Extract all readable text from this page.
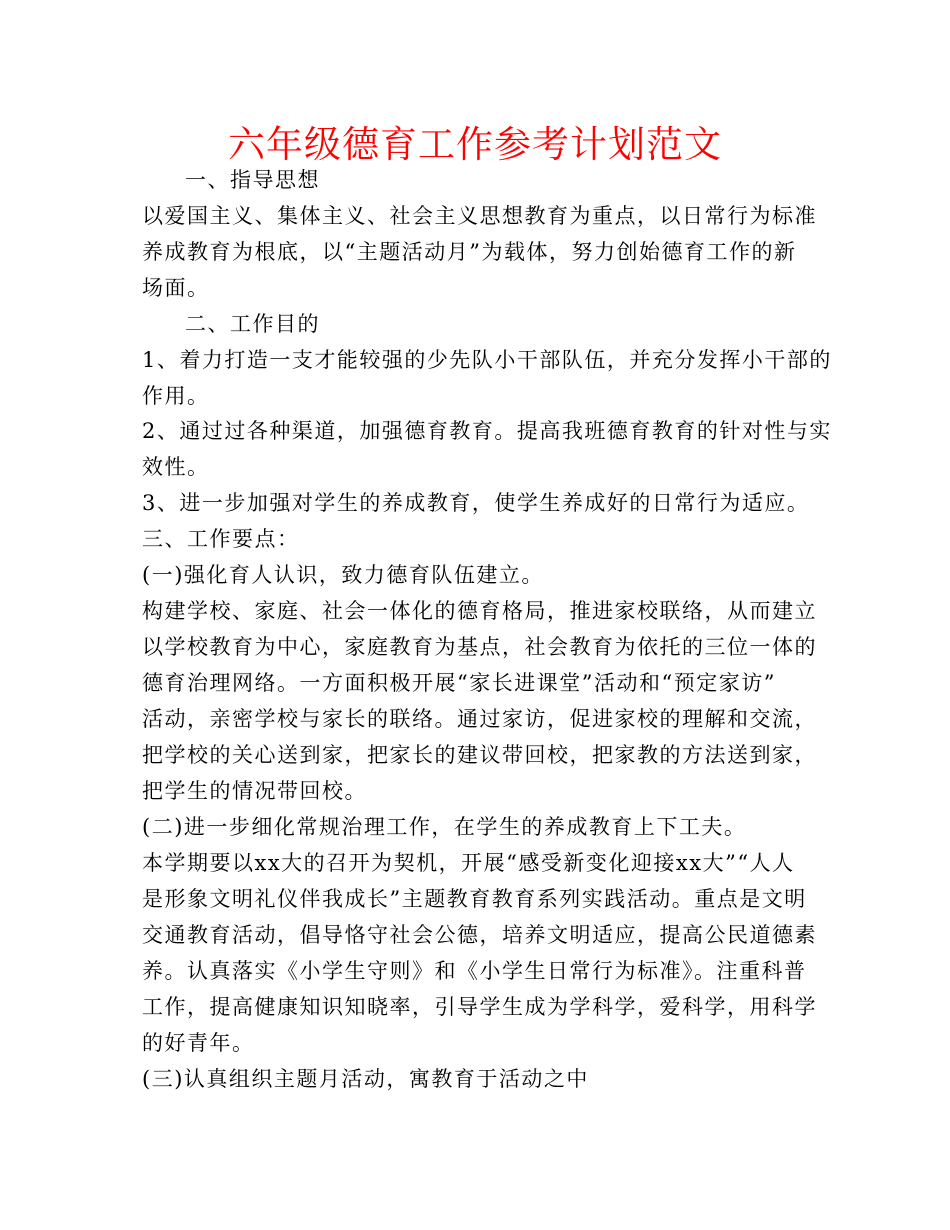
六年级德育工作参考计划范文
一、指导思想
以爱国主义、集体主义、社会主义思想教育为重点，以日常行为标准
养成教育为根底，以“主题活动月”为载体，努力创始德育工作的新
场面。
二、工作目的
1、着力打造一支才能较强的少先队小干部队伍，并充分发挥小干部的
作用。
2、通过过各种渠道，加强德育教育。提高我班德育教育的针对性与实
效性。
3、进一步加强对学生的养成教育，使学生养成好的日常行为适应。
三、工作要点：
(一)强化育人认识，致力德育队伍建立。
构建学校、家庭、社会一体化的德育格局，推进家校联络，从而建立
以学校教育为中心，家庭教育为基点，社会教育为依托的三位一体的
德育治理网络。一方面积极开展“家长进课堂”活动和“预定家访”
活动，亲密学校与家长的联络。通过家访，促进家校的理解和交流，
把学校的关心送到家，把家长的建议带回校，把家教的方法送到家，
把学生的情况带回校。
(二)进一步细化常规治理工作，在学生的养成教育上下工夫。
本学期要以xx大的召开为契机，开展“感受新变化迎接xx大”“人人
是形象文明礼仪伴我成长”主题教育教育系列实践活动。重点是文明
交通教育活动，倡导恪守社会公德，培养文明适应，提高公民道德素
养。认真落实《小学生守则》和《小学生日常行为标准》。注重科普
工作，提高健康知识知晓率，引导学生成为学科学，爱科学，用科学
的好青年。
(三)认真组织主题月活动，寓教育于活动之中
